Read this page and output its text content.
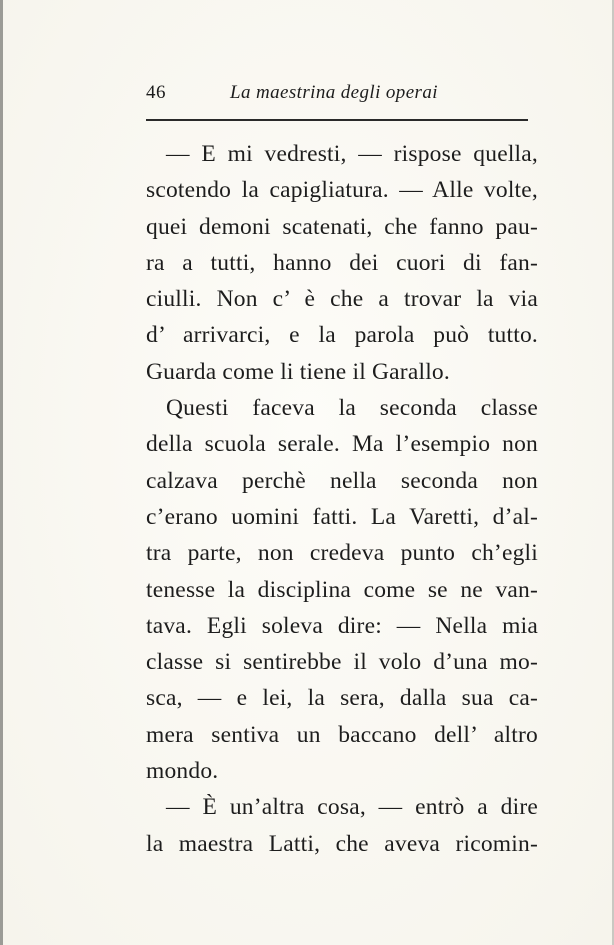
46	La maestrina degli operai
— E mi vedresti, — rispose quella,
scotendo la capigliatura. — Alle volte,
quei demoni scatenati, che fanno pau-
ra a tutti, hanno dei cuori di fan-
ciulli. Non c’ è che a trovar la via
d’ arrivarci, e la parola può tutto.
Guarda come li tiene il Garallo.
Questi faceva la seconda classe
della scuola serale. Ma l’esempio non
calzava perchè nella seconda non
c’erano uomini fatti. La Varetti, d’al-
tra parte, non credeva punto ch’egli
tenesse la disciplina come se ne van-
tava. Egli soleva dire: — Nella mia
classe si sentirebbe il volo d’una mo-
sca, — e lei, la sera, dalla sua ca-
mera sentiva un baccano dell’ altro
mondo.
— È un’altra cosa, — entrò a dire
la maestra Latti, che aveva ricomin-
